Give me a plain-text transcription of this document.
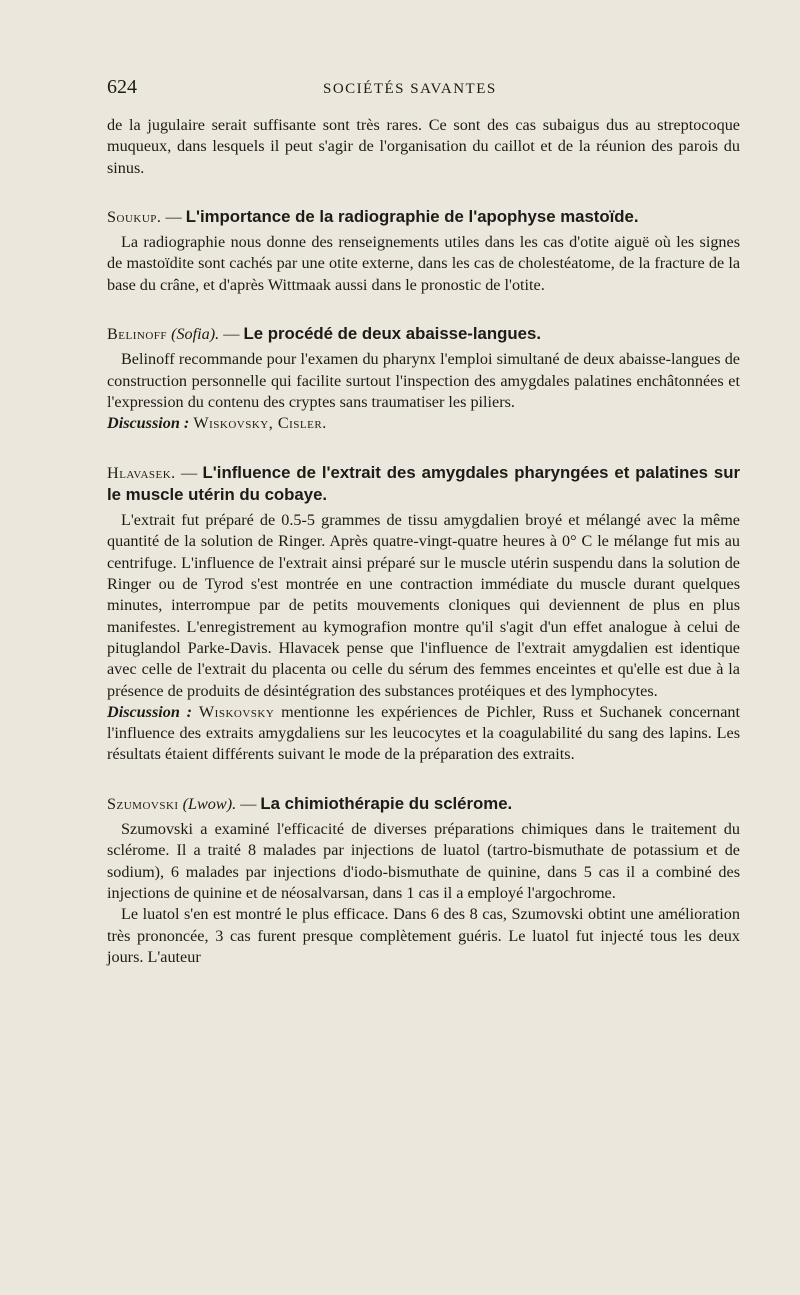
624	SOCIÉTÉS SAVANTES

de la jugulaire serait suffisante sont très rares. Ce sont des cas subaigus dus au streptocoque muqueux, dans lesquels il peut s'agir de l'organisation du caillot et de la réunion des parois du sinus.

Soukup. — L'importance de la radiographie de l'apophyse mastoïde.

La radiographie nous donne des renseignements utiles dans les cas d'otite aiguë où les signes de mastoïdite sont cachés par une otite externe, dans les cas de cholestéatome, de la fracture de la base du crâne, et d'après Wittmaak aussi dans le pronostic de l'otite.

Belinoff (Sofia). — Le procédé de deux abaisse-langues.

Belinoff recommande pour l'examen du pharynx l'emploi simultané de deux abaisse-langues de construction personnelle qui facilite surtout l'inspection des amygdales palatines enchâtonnées et l'expression du contenu des cryptes sans traumatiser les piliers.

Discussion : Wiskovsky, Cisler.

Hlavasek. — L'influence de l'extrait des amygdales pharyngées et palatines sur le muscle utérin du cobaye.

L'extrait fut préparé de 0.5-5 grammes de tissu amygdalien broyé et mélangé avec la même quantité de la solution de Ringer. Après quatre-vingt-quatre heures à 0° C le mélange fut mis au centrifuge. L'influence de l'extrait ainsi préparé sur le muscle utérin suspendu dans la solution de Ringer ou de Tyrod s'est montrée en une contraction immédiate du muscle durant quelques minutes, interrompue par de petits mouvements cloniques qui deviennent de plus en plus manifestes. L'enregistrement au kymografion montre qu'il s'agit d'un effet analogue à celui de pituglandol Parke-Davis. Hlavacek pense que l'influence de l'extrait amygdalien est identique avec celle de l'extrait du placenta ou celle du sérum des femmes enceintes et qu'elle est due à la présence de produits de désintégration des substances protéiques et des lymphocytes.

Discussion : Wiskovsky mentionne les expériences de Pichler, Russ et Suchanek concernant l'influence des extraits amygdaliens sur les leucocytes et la coagulabilité du sang des lapins. Les résultats étaient différents suivant le mode de la préparation des extraits.

Szumovski (Lwow). — La chimiothérapie du sclérome.

Szumovski a examiné l'efficacité de diverses préparations chimiques dans le traitement du sclérome. Il a traité 8 malades par injections de luatol (tartro-bismuthate de potassium et de sodium), 6 malades par injections d'iodo-bismuthate de quinine, dans 5 cas il a combiné des injections de quinine et de néosalvarsan, dans 1 cas il a employé l'argochrome.

Le luatol s'en est montré le plus efficace. Dans 6 des 8 cas, Szumovski obtint une amélioration très prononcée, 3 cas furent presque complètement guéris. Le luatol fut injecté tous les deux jours. L'auteur
